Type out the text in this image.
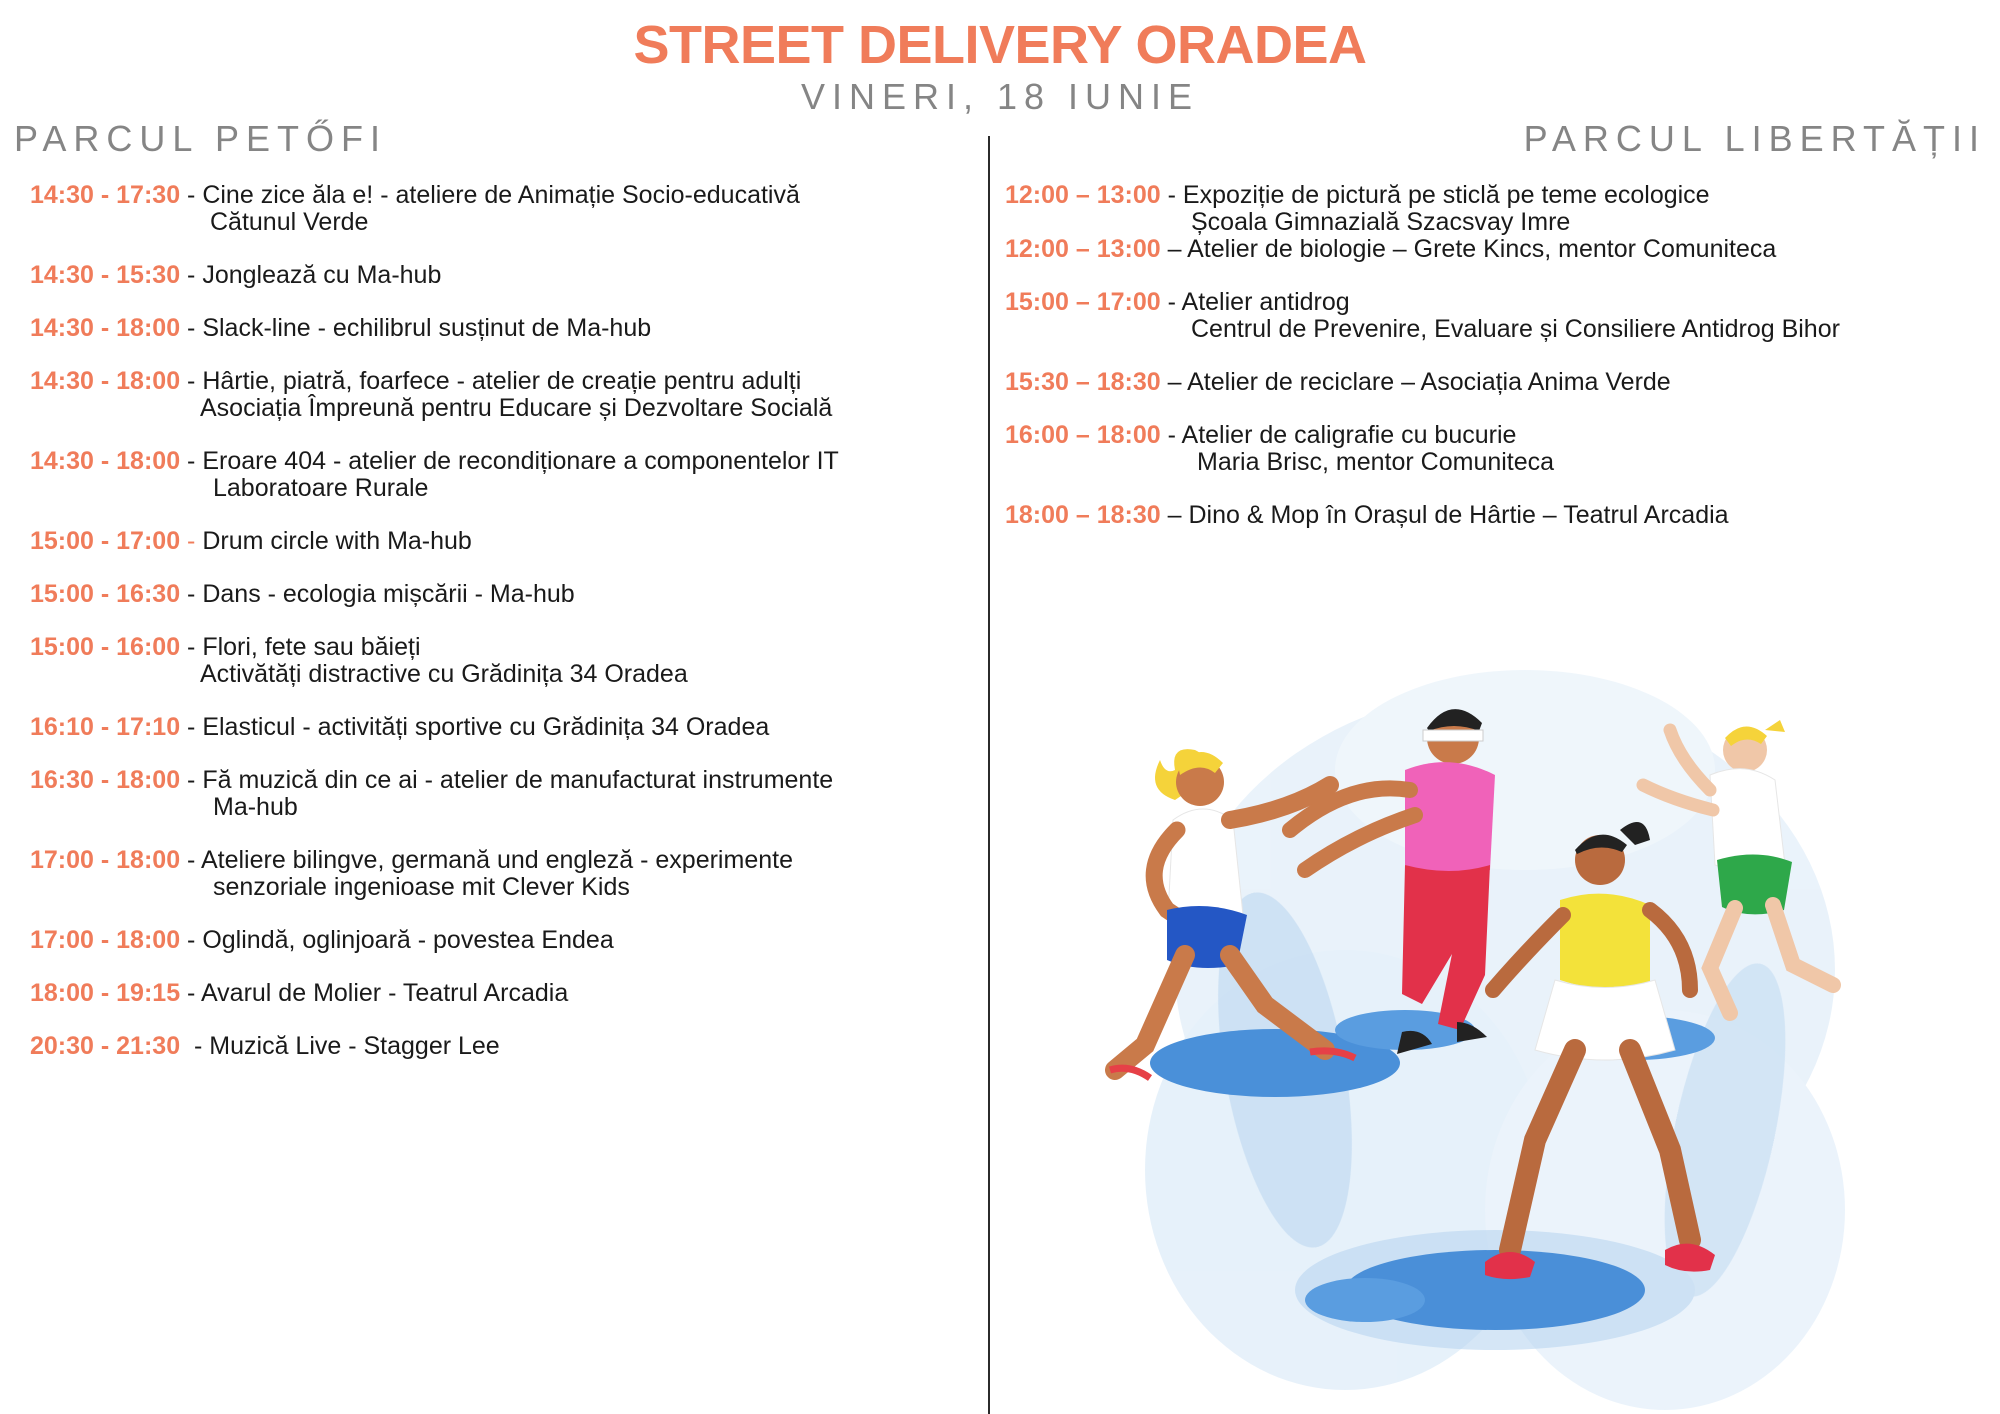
STREET DELIVERY ORADEA
VINERI, 18 IUNIE
PARCUL PETŐFI	PARCUL LIBERTĂȚII
14:30 - 17:30 - Cine zice ăla e! - ateliere de Animație Socio-educativă
Cătunul Verde
14:30 - 15:30 - Jonglează cu Ma-hub
14:30 - 18:00 - Slack-line - echilibrul susținut de Ma-hub
14:30 - 18:00 - Hârtie, piatră, foarfece - atelier de creație pentru adulți
Asociația Împreună pentru Educare și Dezvoltare Socială
14:30 - 18:00 - Eroare 404 - atelier de recondiționare a componentelor IT
Laboratoare Rurale
15:00 - 17:00 - Drum circle with Ma-hub
15:00 - 16:30 - Dans - ecologia mișcării - Ma-hub
15:00 - 16:00 - Flori, fete sau băieți
Activătăți distractive cu Grădinița 34 Oradea
16:10 - 17:10 - Elasticul - activități sportive cu Grădinița 34 Oradea
16:30 - 18:00 - Fă muzică din ce ai - atelier de manufacturat instrumente
Ma-hub
17:00 - 18:00 - Ateliere bilingve, germană und engleză - experimente
senzoriale ingenioase mit Clever Kids
17:00 - 18:00 - Oglindă, oglinjoară - povestea Endea
18:00 - 19:15 - Avarul de Molier - Teatrul Arcadia
20:30 - 21:30  - Muzică Live - Stagger Lee
12:00 – 13:00 - Expoziție de pictură pe sticlă pe teme ecologice
Școala Gimnazială Szacsvay Imre
12:00 – 13:00 – Atelier de biologie – Grete Kincs, mentor Comuniteca
15:00 – 17:00 - Atelier antidrog
Centrul de Prevenire, Evaluare și Consiliere Antidrog Bihor
15:30 – 18:30 – Atelier de reciclare – Asociația Anima Verde
16:00 – 18:00 - Atelier de caligrafie cu bucurie
Maria Brisc, mentor Comuniteca
18:00 – 18:30 – Dino & Mop în Orașul de Hârtie – Teatrul Arcadia
